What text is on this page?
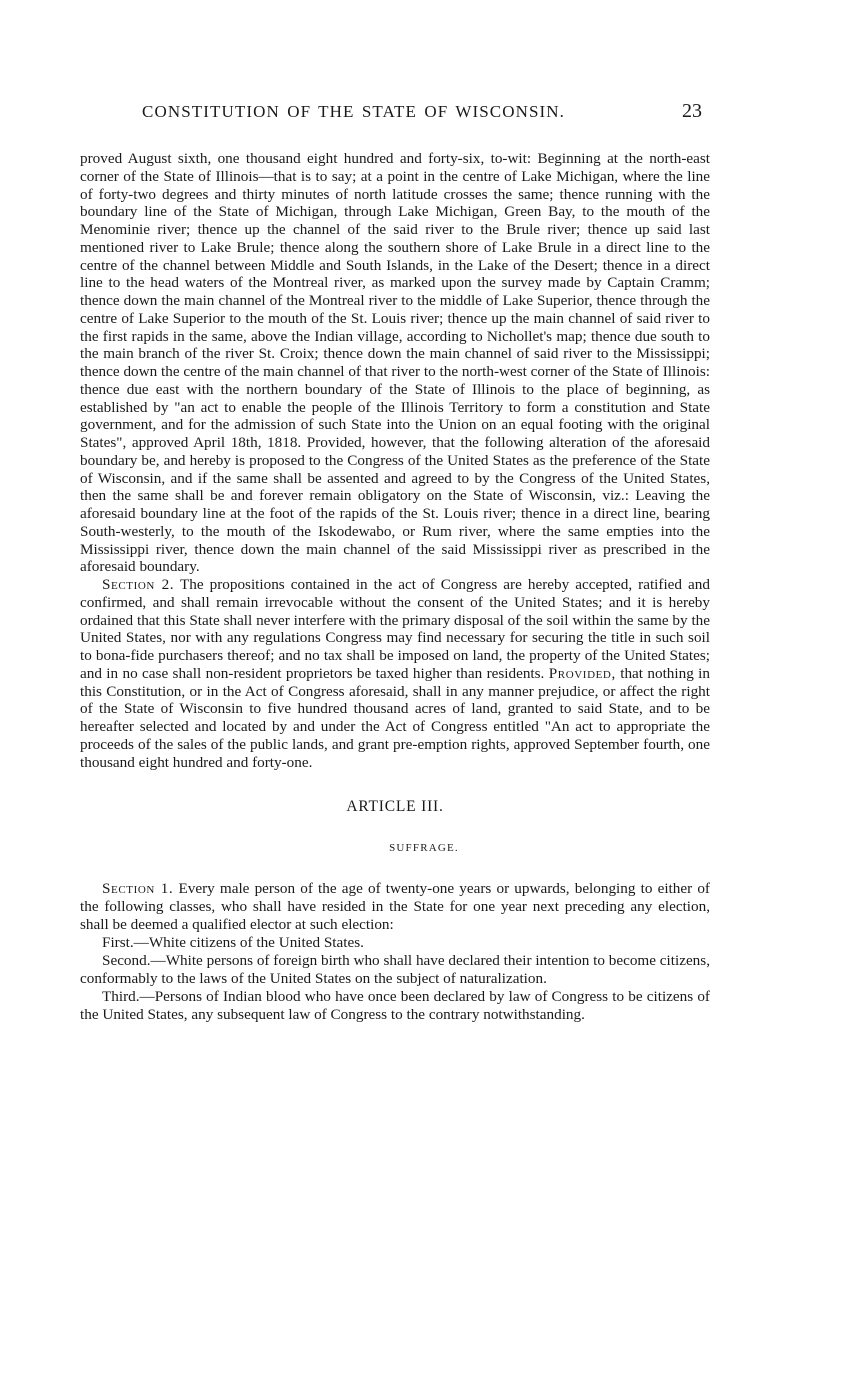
CONSTITUTION OF THE STATE OF WISCONSIN.	23

proved August sixth, one thousand eight hundred and forty-six, to-wit: Beginning at the north-east corner of the State of Illinois—that is to say; at a point in the centre of Lake Michigan, where the line of forty-two degrees and thirty minutes of north latitude crosses the same; thence running with the boundary line of the State of Michigan, through Lake Michigan, Green Bay, to the mouth of the Menominie river; thence up the channel of the said river to the Brule river; thence up said last mentioned river to Lake Brule; thence along the southern shore of Lake Brule in a direct line to the centre of the channel between Middle and South Islands, in the Lake of the Desert; thence in a direct line to the head waters of the Montreal river, as marked upon the survey made by Captain Cramm; thence down the main channel of the Montreal river to the middle of Lake Superior, thence through the centre of Lake Superior to the mouth of the St. Louis river; thence up the main channel of said river to the first rapids in the same, above the Indian village, according to Nichollet's map; thence due south to the main branch of the river St. Croix; thence down the main channel of said river to the Mississippi; thence down the centre of the main channel of that river to the north-west corner of the State of Illinois: thence due east with the northern boundary of the State of Illinois to the place of beginning, as established by "an act to enable the people of the Illinois Territory to form a constitution and State government, and for the admission of such State into the Union on an equal footing with the original States", approved April 18th, 1818. Provided, however, that the following alteration of the aforesaid boundary be, and hereby is proposed to the Congress of the United States as the preference of the State of Wisconsin, and if the same shall be assented and agreed to by the Congress of the United States, then the same shall be and forever remain obligatory on the State of Wisconsin, viz.: Leaving the aforesaid boundary line at the foot of the rapids of the St. Louis river; thence in a direct line, bearing South-westerly, to the mouth of the Iskodewabo, or Rum river, where the same empties into the Mississippi river, thence down the main channel of the said Mississippi river as prescribed in the aforesaid boundary.

Section 2. The propositions contained in the act of Congress are hereby accepted, ratified and confirmed, and shall remain irrevocable without the consent of the United States; and it is hereby ordained that this State shall never interfere with the primary disposal of the soil within the same by the United States, nor with any regulations Congress may find necessary for securing the title in such soil to bona-fide purchasers thereof; and no tax shall be imposed on land, the property of the United States; and in no case shall non-resident proprietors be taxed higher than residents. Provided, that nothing in this Constitution, or in the Act of Congress aforesaid, shall in any manner prejudice, or affect the right of the State of Wisconsin to five hundred thousand acres of land, granted to said State, and to be hereafter selected and located by and under the Act of Congress entitled "An act to appropriate the proceeds of the sales of the public lands, and grant pre-emption rights, approved September fourth, one thousand eight hundred and forty-one.

ARTICLE III.
SUFFRAGE.

Section 1. Every male person of the age of twenty-one years or upwards, belonging to either of the following classes, who shall have resided in the State for one year next preceding any election, shall be deemed a qualified elector at such election:

First.—White citizens of the United States.

Second.—White persons of foreign birth who shall have declared their intention to become citizens, conformably to the laws of the United States on the subject of naturalization.

Third.—Persons of Indian blood who have once been declared by law of Congress to be citizens of the United States, any subsequent law of Congress to the contrary notwithstanding.
